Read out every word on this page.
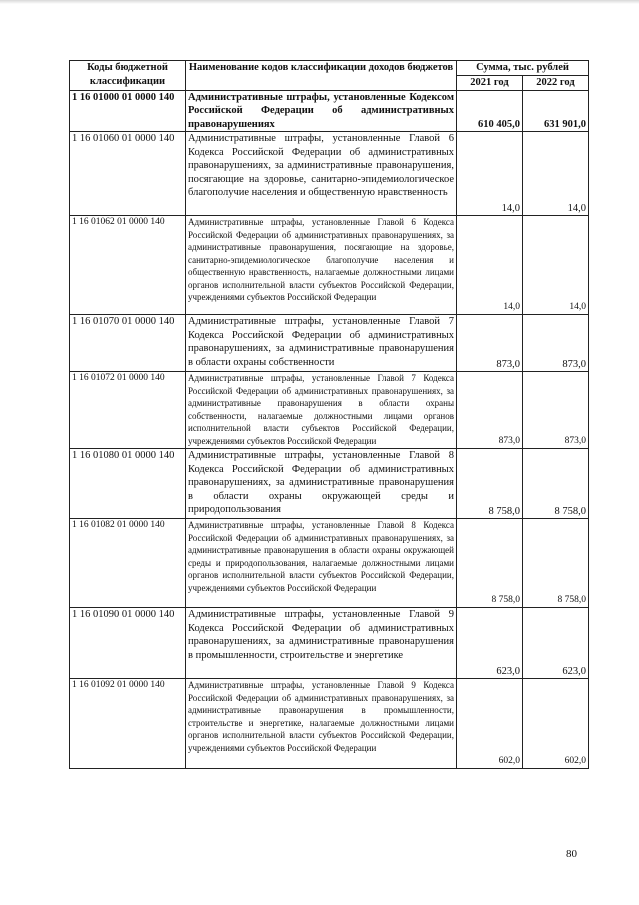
Коды бюджетной классификации	Наименование кодов классификации доходов бюджетов	Сумма, тыс. рублей	
		2021 год	2022 год
1 16 01000 01 0000 140	Административные штрафы, установленные Кодексом Российской Федерации об административных правонарушениях	610 405,0	631 901,0
1 16 01060 01 0000 140	Административные штрафы, установленные Главой 6 Кодекса Российской Федерации об административных правонарушениях, за административные правонарушения, посягающие на здоровье, санитарно-эпидемиологическое благополучие населения и общественную нравственность	14,0	14,0
1 16 01062 01 0000 140	Административные штрафы, установленные Главой 6 Кодекса Российской Федерации об административных правонарушениях, за административные правонарушения, посягающие на здоровье, санитарно-эпидемиологическое благополучие населения и общественную нравственность, налагаемые должностными лицами органов исполнительной власти субъектов Российской Федерации, учреждениями субъектов Российской Федерации	14,0	14,0
1 16 01070 01 0000 140	Административные штрафы, установленные Главой 7 Кодекса Российской Федерации об административных правонарушениях, за административные правонарушения в области охраны собственности	873,0	873,0
1 16 01072 01 0000 140	Административные штрафы, установленные Главой 7 Кодекса Российской Федерации об административных правонарушениях, за административные правонарушения в области охраны собственности, налагаемые должностными лицами органов исполнительной власти субъектов Российской Федерации, учреждениями субъектов Российской Федерации	873,0	873,0
1 16 01080 01 0000 140	Административные штрафы, установленные Главой 8 Кодекса Российской Федерации об административных правонарушениях, за административные правонарушения в области охраны окружающей среды и природопользования	8 758,0	8 758,0
1 16 01082 01 0000 140	Административные штрафы, установленные Главой 8 Кодекса Российской Федерации об административных правонарушениях, за административные правонарушения в области охраны окружающей среды и природопользования, налагаемые должностными лицами органов исполнительной власти субъектов Российской Федерации, учреждениями субъектов Российской Федерации	8 758,0	8 758,0
1 16 01090 01 0000 140	Административные штрафы, установленные Главой 9 Кодекса Российской Федерации об административных правонарушениях, за административные правонарушения в промышленности, строительстве и энергетике	623,0	623,0
1 16 01092 01 0000 140	Административные штрафы, установленные Главой 9 Кодекса Российской Федерации об административных правонарушениях, за административные правонарушения в промышленности, строительстве и энергетике, налагаемые должностными лицами органов исполнительной власти субъектов Российской Федерации, учреждениями субъектов Российской Федерации	602,0	602,0
80
